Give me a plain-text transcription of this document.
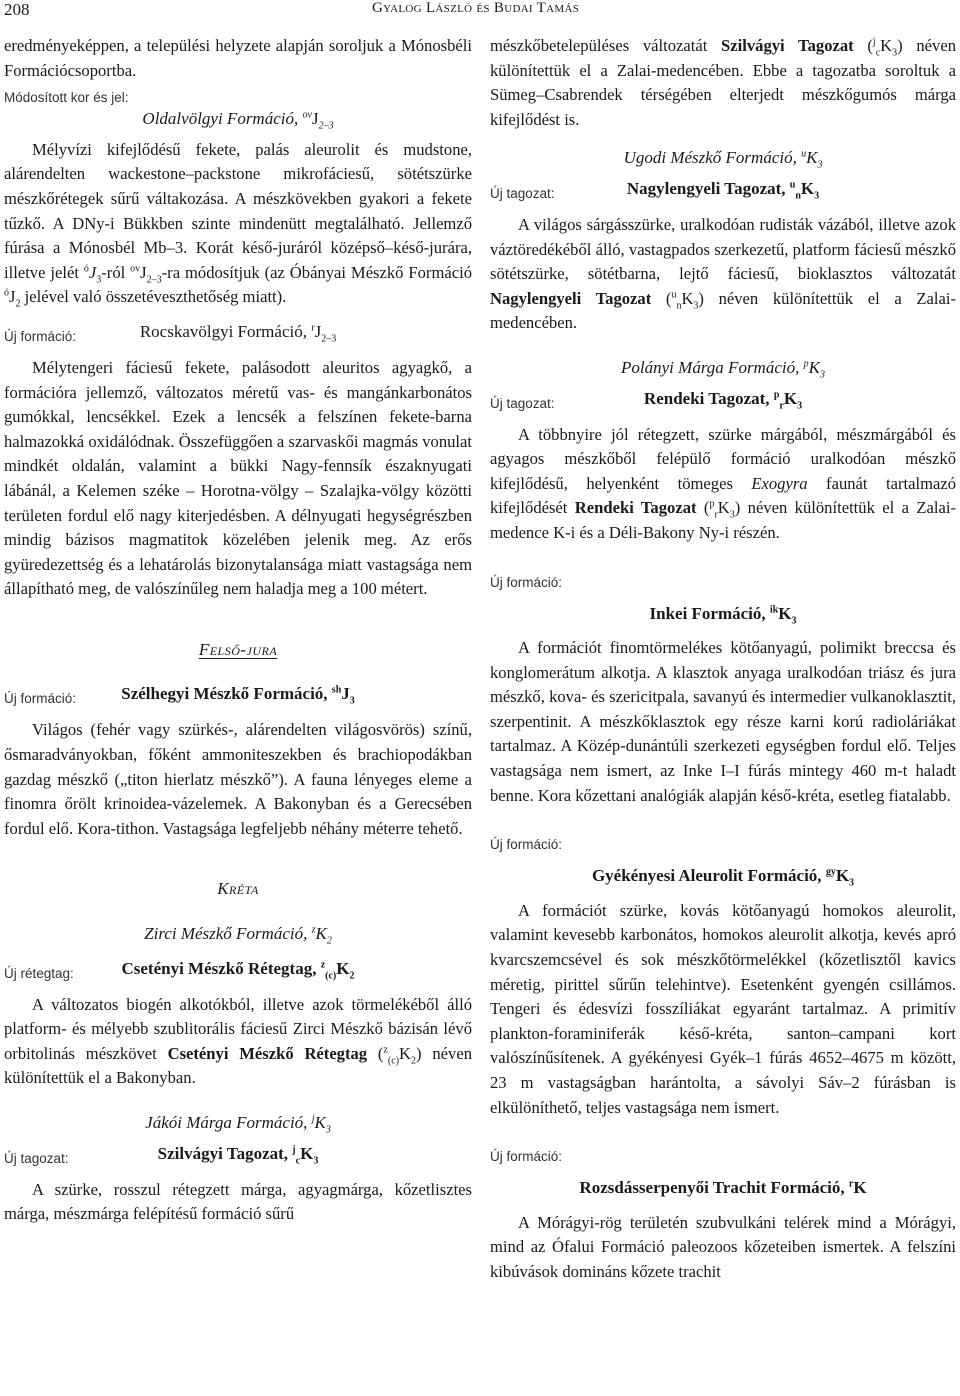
208	Gyalog László és Budai Tamás

eredményeképpen, a települési helyzete alapján soroljuk a Mónosbéli Formációcsoportba.

Módosított kor és jel:

Oldalvölgyi Formáció, $^{ov}J_{2-3}$

Mélyvízi kifejlődésű fekete, palás aleurolit és mudstone, alárendelten wackestone–packstone mikrofáciesű, sötétszürke mészkőrétegek sűrű váltakozása. A mészkövekben gyakori a fekete tűzkő. A DNy-i Bükkben szinte mindenütt megtalálható. Jellemző fúrása a Mónosbél Mb–3. Korát késő-juráról középső–késő-jurára, illetve jelét $^óJ_3$-ról $^{ov}J_{2-3}-ra$ módosítjuk (az Óbányai Mészkő Formáció $^óJ_2$ jelével való összetéveszthetőség miatt).

Új formáció:	Rocskavölgyi Formáció, $^rJ_{2-3}$

Mélytengeri fáciesű fekete, palásodott aleuritos agyagkő, a formációra jellemző, változatos méretű vas- és mangánkarbonátos gumókkal, lencsékkel. Ezek a lencsék a felszínen fekete-barna halmazokká oxidálódnak. Összefüggően a szarvaskői magmás vonulat mindkét oldalán, valamint a bükki Nagy-fennsík északnyugati lábánál, a Kelemen széke – Horotna-völgy – Szalajka-völgy közötti területen fordul elő nagy kiterjedésben. A délnyugati hegységrészben mindig bázisos magmatitok közelében jelenik meg. Az erős gyüredezettség és a lehatárolás bizonytalansága miatt vastagsága nem állapítható meg, de valószínűleg nem haladja meg a 100 métert.

Felső-jura
Új formáció:	Szélhegyi Mészkő Formáció, $^{sh}J_3$

Világos (fehér vagy szürkés-, alárendelten világosvörös) színű, ősmaradványokban, főként ammoniteszekben és brachiopodákban gazdag mészkő („titon hierlatz mészkő”). A fauna lényeges eleme a finomra őrölt krinoidea-vázelemek. A Bakonyban és a Gerecsében fordul elő. Kora-tithon. Vastagsága legfeljebb néhány méterre tehető.

Kréta

Zirci Mészkő Formáció, $^zK_2$

Új rétegtag:	Csetényi Mészkő Rétegtag, $^z_{(c)}K_2$

A változatos biogén alkotókból, illetve azok törmelékéből álló platform- és mélyebb szublitorális fáciesű Zirci Mészkő bázisán lévő orbitolinás mészkövet Csetényi Mészkő Rétegtag $(^z_{(c)}K_2)$ néven különítettük el a Bakonyban.

Jákói Márga Formáció, $^jK_3$

Új tagozat:	Szilvágyi Tagozat, $^j_cK_3$

A szürke, rosszul rétegzett márga, agyagmárga, kőzetlisztes márga, mészmárga felépítésű formáció sűrű

mészkőbetelepüléses változatát Szilvágyi Tagozat $(^j_cK_3)$ néven különítettük el a Zalai-medencében. Ebbe a tagozatba soroltuk a Sümeg–Csabrendek térségében elterjedt mészkőgumós márga kifejlődést is.

Ugodi Mészkő Formáció, $^uK_3$

Új tagozat:	Nagylengyeli Tagozat, $^u_nK_3$

A világos sárgásszürke, uralkodóan rudisták vázából, illetve azok váztöredékéből álló, vastagpados szerkezetű, platform fáciesű mészkő sötétszürke, sötétbarna, lejtő fáciesű, bioklasztos változatát Nagylengyeli Tagozat $(^u_nK_3)$ néven különítettük el a Zalai-medencében.

Polányi Márga Formáció, $^pK_3$

Új tagozat:	Rendeki Tagozat, $^p_rK_3$

A többnyire jól rétegzett, szürke márgából, mészmárgából és agyagos mészkőből felépülő formáció uralkodóan mészkő kifejlődésű, helyenként tömeges Exogyra faunát tartalmazó kifejlődését Rendeki Tagozat $(^p_rK_3)$ néven különítettük el a Zalai-medence K-i és a Déli-Bakony Ny-i részén.

Új formáció:

Inkei Formáció, $^{ik}K_3$

A formációt finomtörmelékes kötőanyagú, polimikt breccsa és konglomerátum alkotja. A klasztok anyaga uralkodóan triász és jura mészkő, kova- és szericitpala, savanyú és intermedier vulkanoklasztit, szerpentinit. A mészkőklasztok egy része karni korú radioláriákat tartalmaz. A Közép-dunántúli szerkezeti egységben fordul elő. Teljes vastagsága nem ismert, az Inke I–I fúrás mintegy 460 m-t haladt benne. Kora kőzettani analógiák alapján késő-kréta, esetleg fiatalabb.

Új formáció:

Gyékényesi Aleurolit Formáció, $^{gy}K_3$

A formációt szürke, kovás kötőanyagú homokos aleurolit, valamint kevesebb karbonátos, homokos aleurolit alkotja, kevés apró kvarcszemcsével és sok mészkőtörmelékkel (kőzetlisztől kavics méretig, pirittel sűrűn telehintve). Esetenként gyengén csillámos. Tengeri és édesvízi fosszíliákat egyaránt tartalmaz. A primitív plankton-foraminiferák késő-kréta, santon–campani kort valószínűsítenek. A gyékényesi Gyék–1 fúrás 4652–4675 m között, 23 m vastagságban harántolta, a sávolyi Sáv–2 fúrásban is elkülöníthető, teljes vastagsága nem ismert.

Új formáció:

Rozsdásserpenyői Trachit Formáció, $^r$K

A Mórágyi-rög területén szubvulkáni telérek mind a Mórágyi, mind az Ófalui Formáció paleozoos kőzeteiben ismertek. A felszíni kibúvások domináns kőzete trachit
